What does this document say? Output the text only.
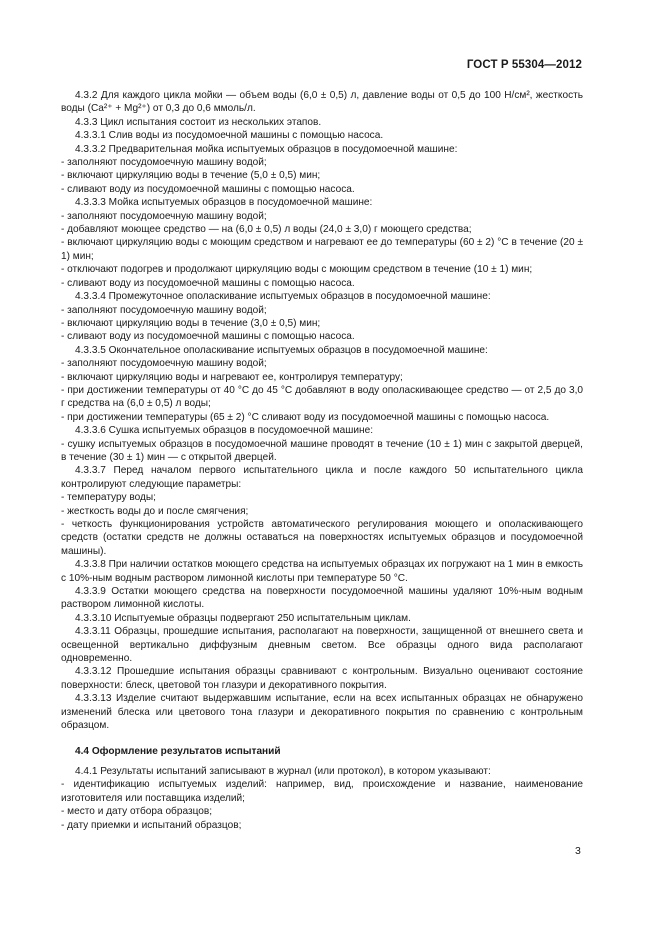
ГОСТ Р 55304—2012

4.3.2 Для каждого цикла мойки — объем воды (6,0 ± 0,5) л, давление воды от 0,5 до 100 Н/см², жесткость воды (Ca²⁺ + Mg²⁺) от 0,3 до 0,6 ммоль/л.

4.3.3 Цикл испытания состоит из нескольких этапов.

4.3.3.1 Слив воды из посудомоечной машины с помощью насоса.

4.3.3.2 Предварительная мойка испытуемых образцов в посудомоечной машине:

- заполняют посудомоечную машину водой;

- включают циркуляцию воды в течение (5,0 ± 0,5) мин;

- сливают воду из посудомоечной машины с помощью насоса.

4.3.3.3 Мойка испытуемых образцов в посудомоечной машине:

- заполняют посудомоечную машину водой;

- добавляют моющее средство — на (6,0 ± 0,5) л воды (24,0 ± 3,0) г моющего средства;

- включают циркуляцию воды с моющим средством и нагревают ее до температуры (60 ± 2) °С в течение (20 ± 1) мин;

- отключают подогрев и продолжают циркуляцию воды с моющим средством в течение (10 ± 1) мин;

- сливают воду из посудомоечной машины с помощью насоса.

4.3.3.4 Промежуточное ополаскивание испытуемых образцов в посудомоечной машине:

- заполняют посудомоечную машину водой;

- включают циркуляцию воды в течение (3,0 ± 0,5) мин;

- сливают воду из посудомоечной машины с помощью насоса.

4.3.3.5 Окончательное ополаскивание испытуемых образцов в посудомоечной машине:

- заполняют посудомоечную машину водой;

- включают циркуляцию воды и нагревают ее, контролируя температуру;

- при достижении температуры от 40 °С до 45 °С добавляют в воду ополаскивающее средство — от 2,5 до 3,0 г средства на (6,0 ± 0,5) л воды;

- при достижении температуры (65 ± 2) °С сливают воду из посудомоечной машины с помощью насоса.

4.3.3.6 Сушка испытуемых образцов в посудомоечной машине:

- сушку испытуемых образцов в посудомоечной машине проводят в течение (10 ± 1) мин с закрытой дверцей, в течение (30 ± 1) мин — с открытой дверцей.

4.3.3.7 Перед началом первого испытательного цикла и после каждого 50 испытательного цикла контролируют следующие параметры:

- температуру воды;

- жесткость воды до и после смягчения;

- четкость функционирования устройств автоматического регулирования моющего и ополаскивающего средств (остатки средств не должны оставаться на поверхностях испытуемых образцов и посудомоечной машины).

4.3.3.8 При наличии остатков моющего средства на испытуемых образцах их погружают на 1 мин в емкость с 10%-ным водным раствором лимонной кислоты при температуре 50 °С.

4.3.3.9 Остатки моющего средства на поверхности посудомоечной машины удаляют 10%-ным водным раствором лимонной кислоты.

4.3.3.10 Испытуемые образцы подвергают 250 испытательным циклам.

4.3.3.11 Образцы, прошедшие испытания, располагают на поверхности, защищенной от внешнего света и освещенной вертикально диффузным дневным светом. Все образцы одного вида располагают одновременно.

4.3.3.12 Прошедшие испытания образцы сравнивают с контрольным. Визуально оценивают состояние поверхности: блеск, цветовой тон глазури и декоративного покрытия.

4.3.3.13 Изделие считают выдержавшим испытание, если на всех испытанных образцах не обнаружено изменений блеска или цветового тона глазури и декоративного покрытия по сравнению с контрольным образцом.

4.4 Оформление результатов испытаний

4.4.1 Результаты испытаний записывают в журнал (или протокол), в котором указывают:

- идентификацию испытуемых изделий: например, вид, происхождение и название, наименование изготовителя или поставщика изделий;

- место и дату отбора образцов;

- дату приемки и испытаний образцов;

3
